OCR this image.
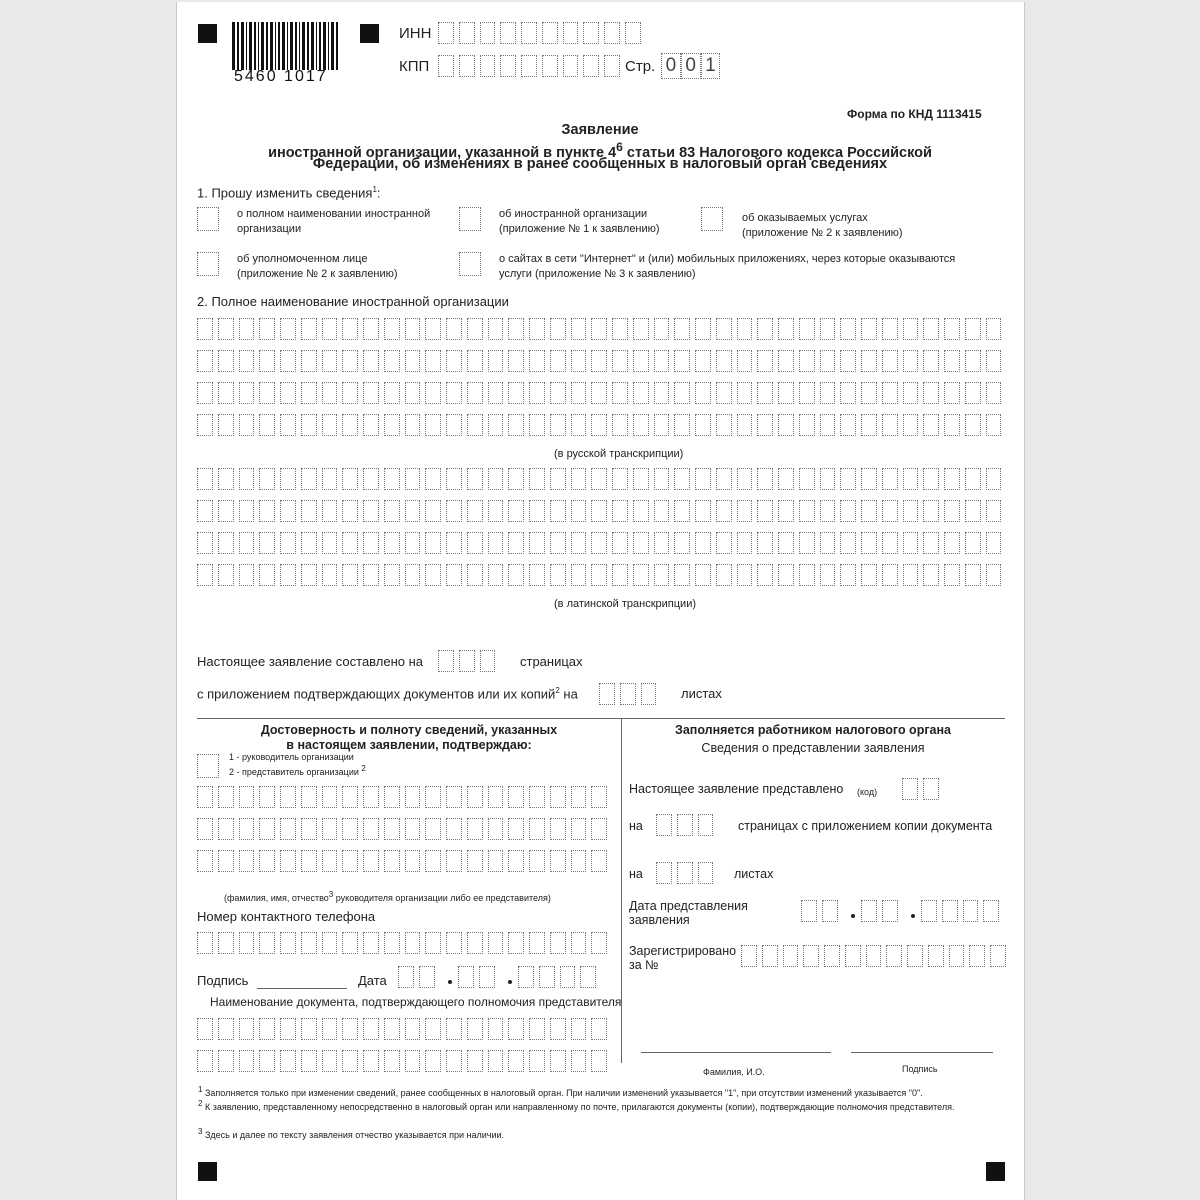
5460 1017
ИНН
КПП	Стр. 0 0 1
Форма по КНД 1113415
Заявление
иностранной организации, указанной в пункте $4^6$ статьи 83 Налогового кодекса Российской
Федерации, об изменениях в ранее сообщенных в налоговый орган сведениях
1. Прошу изменить сведения$^1$:
о полном наименовании иностранной
организации
об иностранной организации
(приложение № 1 к заявлению)
об оказываемых услугах
(приложение № 2 к заявлению)
об уполномоченном лице
(приложение № 2 к заявлению)
о сайтах в сети "Интернет" и (или) мобильных приложениях, через которые оказываются
услуги (приложение № 3 к заявлению)
2. Полное наименование иностранной организации
(в русской транскрипции)
(в латинской транскрипции)
Настоящее заявление составлено на	страницах
с приложением подтверждающих документов или их копий$^2$ на	листах
Достоверность и полноту сведений, указанных
в настоящем заявлении, подтверждаю:
1 - руководитель организации
2 - представитель организации $^2$
(фамилия, имя, отчество$^3$ руководителя организации либо ее представителя)
Номер контактного телефона
Подпись	Дата
Наименование документа, подтверждающего полномочия представителя
Заполняется работником налогового органа
Сведения о представлении заявления
Настоящее заявление представлено (код)
на	страницах с приложением копии документа
на	листах
Дата представления
заявления
Зарегистрировано
за №
Фамилия, И.О.	Подпись
$^1$ Заполняется только при изменении сведений, ранее сообщенных в налоговый орган. При наличии изменений указывается "1", при отсутствии изменений указывается "0".
$^2$ К заявлению, представленному непосредственно в налоговый орган или направленному по почте, прилагаются документы (копии), подтверждающие полномочия представителя.
$^3$ Здесь и далее по тексту заявления отчество указывается при наличии.
